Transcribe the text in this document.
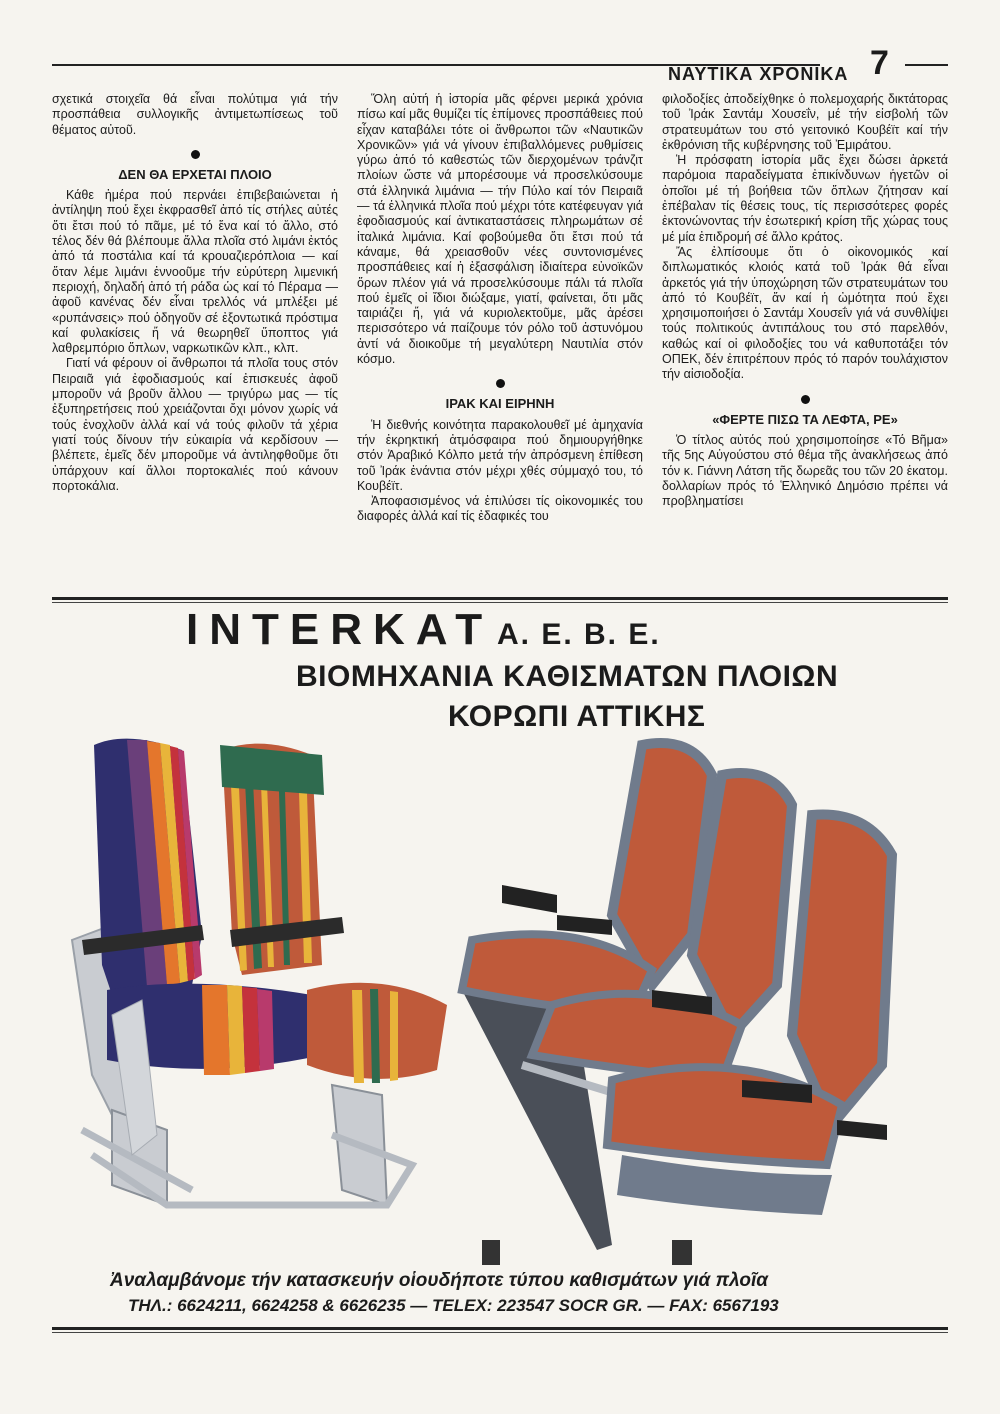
ΝΑΥΤΙΚΑ ΧΡΟΝΙΚΑ 7

σχετικά στοιχεῖα θά εἶναι πολύτιμα γιά τήν προσπάθεια συλλογικῆς ἀντιμετωπίσεως τοῦ θέματος αὐτοῦ.

ΔΕΝ ΘΑ ΕΡΧΕΤΑΙ ΠΛΟΙΟ

Κάθε ἡμέρα πού περνάει ἐπιβεβαιώνεται ἡ ἀντίληψη πού ἔχει ἐκφρασθεῖ ἀπό τίς στήλες αὐτές ὅτι ἔτσι πού τό πᾶμε, μέ τό ἕνα καί τό ἄλλο, στό τέλος δέν θά βλέπουμε ἄλλα πλοῖα στό λιμάνι ἐκτός ἀπό τά ποστάλια καί τά κρουαζιερόπλοια — καί ὅταν λέμε λιμάνι ἐννοοῦμε τήν εὐρύτερη λιμενική περιοχή, δηλαδή ἀπό τή ράδα ὡς καί τό Πέραμα — ἀφοῦ κανένας δέν εἶναι τρελλός νά μπλέξει μέ «ρυπάνσεις» πού ὁδηγοῦν σέ ἐξοντωτικά πρόστιμα καί φυλακίσεις ἤ νά θεωρηθεῖ ὕποπτος γιά λαθρεμπόριο ὅπλων, ναρκωτικῶν κλπ., κλπ.

Γιατί νά φέρουν οἱ ἄνθρωποι τά πλοῖα τους στόν Πειραιᾶ γιά ἐφοδιασμούς καί ἐπισκευές ἀφοῦ μποροῦν νά βροῦν ἄλλου — τριγύρω μας — τίς ἐξυπηρετήσεις πού χρειάζονται ὄχι μόνον χωρίς νά τούς ἐνοχλοῦν ἀλλά καί νά τούς φιλοῦν τά χέρια γιατί τούς δίνουν τήν εὐκαιρία νά κερδίσουν — βλέπετε, ἐμεῖς δέν μποροῦμε νά ἀντιληφθοῦμε ὅτι ὑπάρχουν καί ἄλλοι πορτοκαλιές πού κάνουν πορτοκάλια.

Ὅλη αὐτή ἡ ἱστορία μᾶς φέρνει μερικά χρόνια πίσω καί μᾶς θυμίζει τίς ἐπίμονες προσπάθειες πού εἶχαν καταβάλει τότε οἱ ἄνθρωποι τῶν «Ναυτικῶν Χρονικῶν» γιά νά γίνουν ἐπιβαλλόμενες ρυθμίσεις γύρω ἀπό τό καθεστώς τῶν διερχομένων τράνζιτ πλοίων ὥστε νά μπορέσουμε νά προσελκύσουμε στά ἑλληνικά λιμάνια — τήν Πύλο καί τόν Πειραιᾶ — τά ἑλληνικά πλοῖα πού μέχρι τότε κατέφευγαν γιά ἐφοδιασμούς καί ἀντικαταστάσεις πληρωμάτων σέ ἰταλικά λιμάνια. Καί φοβούμεθα ὅτι ἔτσι πού τά κάναμε, θά χρειασθοῦν νέες συντονισμένες προσπάθειες καί ἡ ἐξασφάλιση ἰδιαίτερα εὐνοϊκῶν ὅρων πλέον γιά νά προσελκύσουμε πάλι τά πλοῖα πού ἐμεῖς οἱ ἴδιοι διώξαμε, γιατί, φαίνεται, ὅτι μᾶς ταιριάζει ἤ, γιά νά κυριολεκτοῦμε, μᾶς ἀρέσει περισσότερο νά παίζουμε τόν ρόλο τοῦ ἀστυνόμου ἀντί νά διοικοῦμε τή μεγαλύτερη Ναυτιλία στόν κόσμο.

ΙΡΑΚ ΚΑΙ ΕΙΡΗΝΗ

Ἡ διεθνής κοινότητα παρακολουθεῖ μέ ἀμηχανία τήν ἐκρηκτική ἀτμόσφαιρα πού δημιουργήθηκε στόν Ἀραβικό Κόλπο μετά τήν ἀπρόσμενη ἐπίθεση τοῦ Ἰράκ ἐνάντια στόν μέχρι χθές σύμμαχό του, τό Κουβέϊτ.

Ἀποφασισμένος νά ἐπιλύσει τίς οἰκονομικές του διαφορές ἀλλά καί τίς ἐδαφικές του

φιλοδοξίες ἀποδείχθηκε ὁ πολεμοχαρής δικτάτορας τοῦ Ἰράκ Σαντάμ Χουσεΐν, μέ τήν εἰσβολή τῶν στρατευμάτων του στό γειτονικό Κουβέϊτ καί τήν ἐκθρόνιση τῆς κυβέρνησης τοῦ Ἐμιράτου.

Ἡ πρόσφατη ἱστορία μᾶς ἔχει δώσει ἀρκετά παρόμοια παραδείγματα ἐπικίνδυνων ἡγετῶν οἱ ὁποῖοι μέ τή βοήθεια τῶν ὅπλων ζήτησαν καί ἐπέβαλαν τίς θέσεις τους, τίς περισσότερες φορές ἐκτονώνοντας τήν ἐσωτερική κρίση τῆς χώρας τους μέ μία ἐπιδρομή σέ ἄλλο κράτος.

Ἄς ἐλπίσουμε ὅτι ὁ οἰκονομικός καί διπλωματικός κλοιός κατά τοῦ Ἰράκ θά εἶναι ἀρκετός γιά τήν ὑποχώρηση τῶν στρατευμάτων του ἀπό τό Κουβέϊτ, ἄν καί ἡ ὠμότητα πού ἔχει χρησιμοποιήσει ὁ Σαντάμ Χουσεΐν γιά νά συνθλίψει τούς πολιτικούς ἀντιπάλους του στό παρελθόν, καθώς καί οἱ φιλοδοξίες του νά καθυποτάξει τόν ΟΠΕΚ, δέν ἐπιτρέπουν πρός τό παρόν τουλάχιστον τήν αἰσιοδοξία.

«ΦΕΡΤΕ ΠΙΣΩ ΤΑ ΛΕΦΤΑ, ΡΕ»

Ὁ τίτλος αὐτός πού χρησιμοποίησε «Τό Βῆμα» τῆς 5ης Αὐγούστου στό θέμα τῆς ἀνακλήσεως ἀπό τόν κ. Γιάννη Λάτση τῆς δωρεᾶς του τῶν 20 ἑκατομ. δολλαρίων πρός τό Ἑλληνικό Δημόσιο πρέπει νά προβληματίσει

INTERKAT Α. Ε. Β. Ε.
ΒΙΟΜΗΧΑΝΙΑ ΚΑΘΙΣΜΑΤΩΝ ΠΛΟΙΩΝ
ΚΟΡΩΠΙ ΑΤΤΙΚΗΣ
Ἀναλαμβάνομε τήν κατασκευήν οἱουδήποτε τύπου καθισμάτων γιά πλοῖα
ΤΗΛ.: 6624211, 6624258 & 6626235 — TELEX: 223547 SOCR GR. — FAX: 6567193
